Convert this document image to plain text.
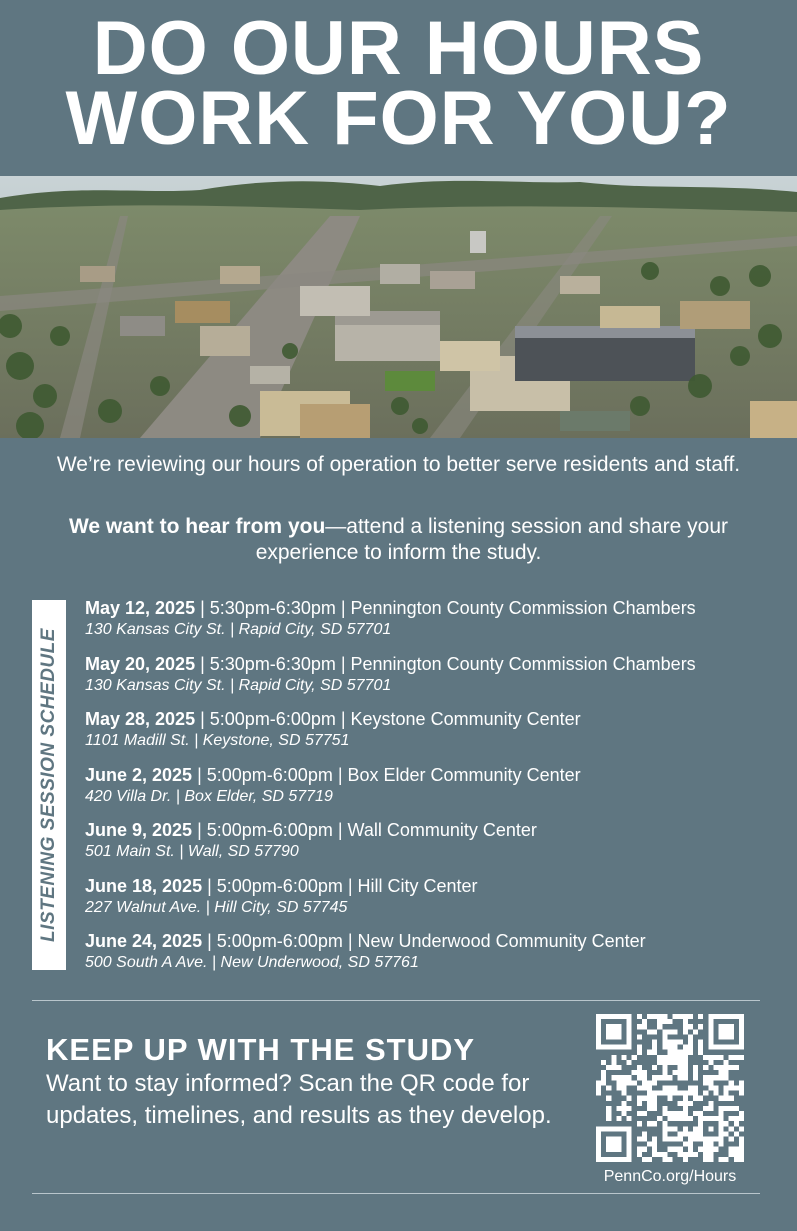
DO OUR HOURS
WORK FOR YOU?
We’re reviewing our hours of operation to better serve residents and staff.
We want to hear from you—attend a listening session and share your experience to inform the study.
LISTENING SESSION SCHEDULE
May 12, 2025 | 5:30pm-6:30pm | Pennington County Commission Chambers
130 Kansas City St. | Rapid City, SD 57701
May 20, 2025 | 5:30pm-6:30pm | Pennington County Commission Chambers
130 Kansas City St. | Rapid City, SD 57701
May 28, 2025 | 5:00pm-6:00pm | Keystone Community Center
1101 Madill St. | Keystone, SD 57751
June 2, 2025 | 5:00pm-6:00pm | Box Elder Community Center
420 Villa Dr. | Box Elder, SD 57719
June 9, 2025 | 5:00pm-6:00pm | Wall Community Center
501 Main St. | Wall, SD 57790
June 18, 2025 | 5:00pm-6:00pm | Hill City Center
227 Walnut Ave. | Hill City, SD 57745
June 24, 2025 | 5:00pm-6:00pm | New Underwood Community Center
500 South A Ave. | New Underwood, SD 57761
KEEP UP WITH THE STUDY
Want to stay informed? Scan the QR code for updates, timelines, and results as they develop.
PennCo.org/Hours
